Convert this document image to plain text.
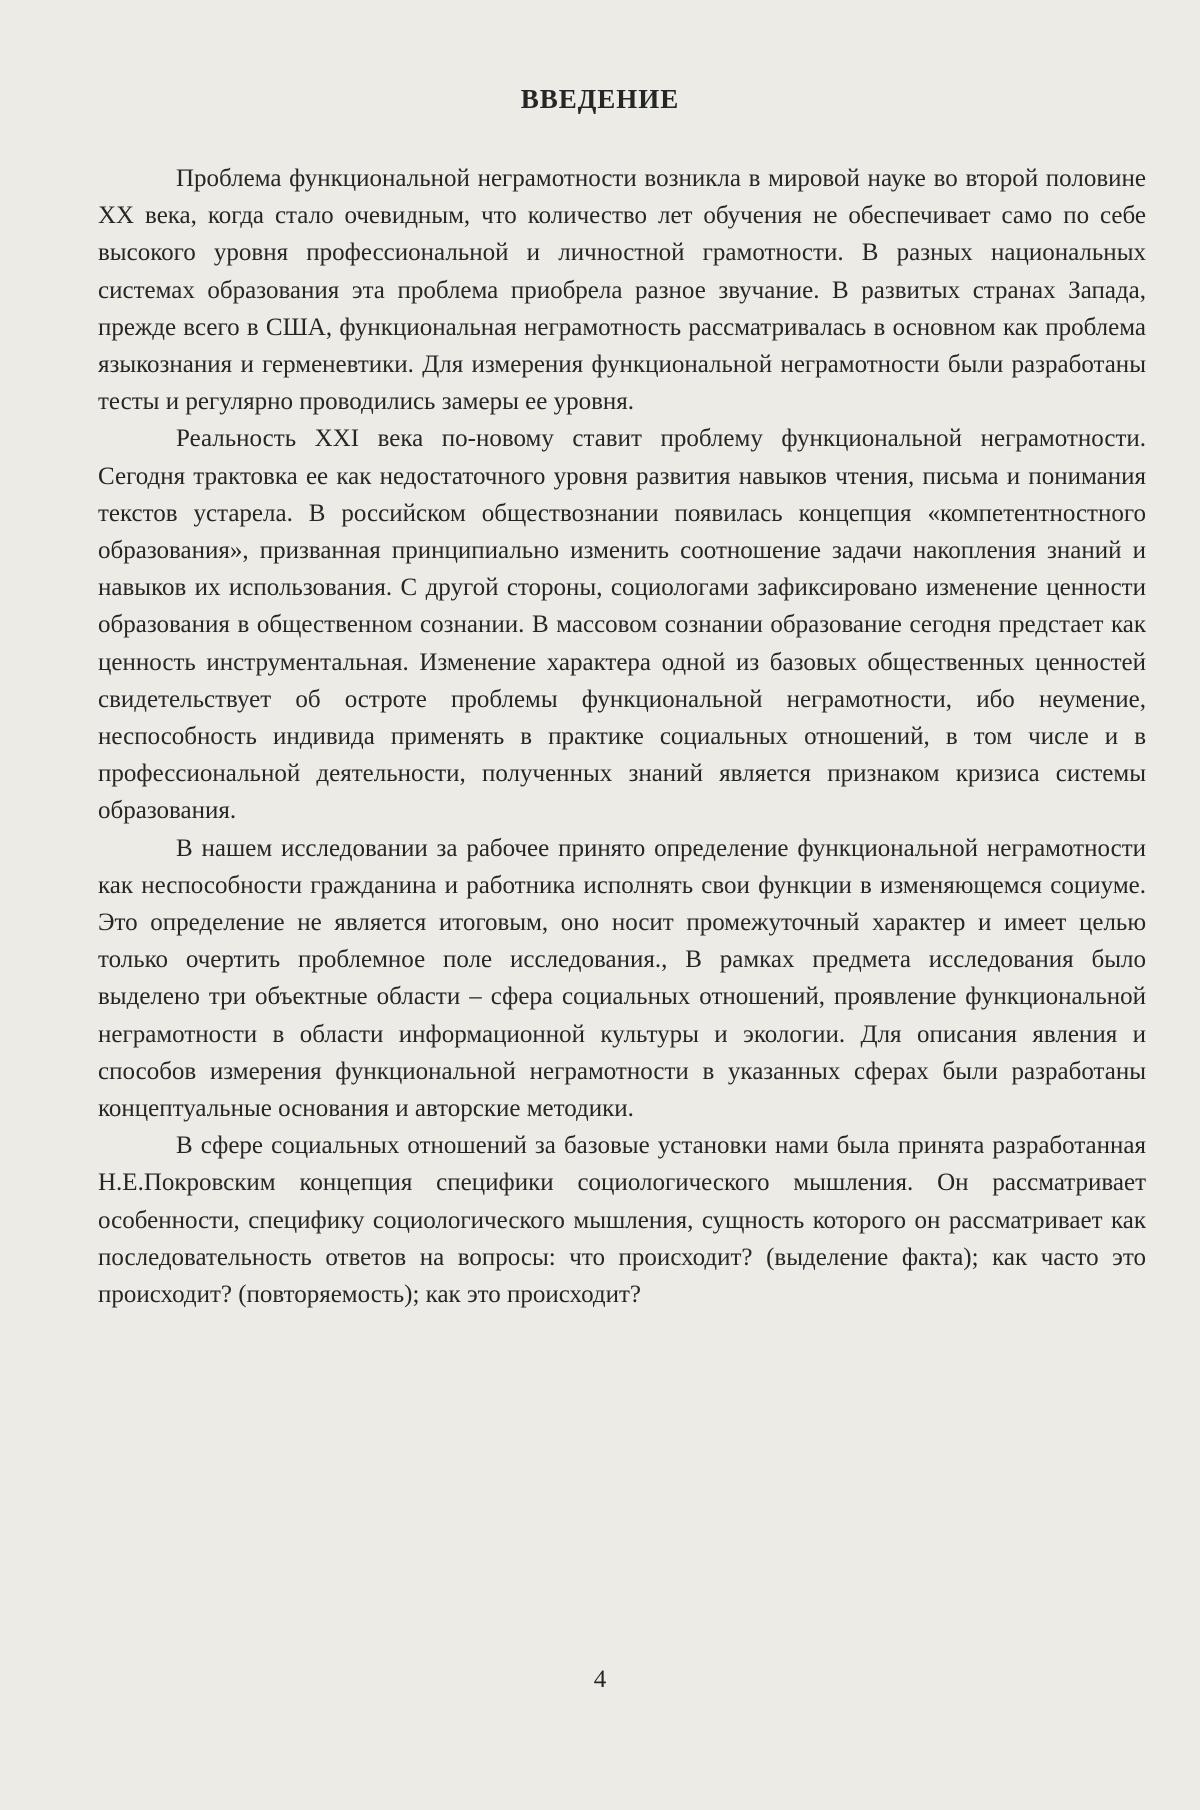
ВВЕДЕНИЕ

Проблема функциональной неграмотности возникла в мировой науке во второй половине XX века, когда стало очевидным, что количество лет обучения не обеспечивает само по себе высокого уровня профессиональной и личностной грамотности. В разных национальных системах образования эта проблема приобрела разное звучание. В развитых странах Запада, прежде всего в США, функциональная неграмотность рассматривалась в основном как проблема языкознания и герменевтики. Для измерения функциональной неграмотности были разработаны тесты и регулярно проводились замеры ее уровня.

Реальность XXI века по-новому ставит проблему функциональной неграмотности. Сегодня трактовка ее как недостаточного уровня развития навыков чтения, письма и понимания текстов устарела. В российском обществознании появилась концепция «компетентностного образования», призванная принципиально изменить соотношение задачи накопления знаний и навыков их использования. С другой стороны, социологами зафиксировано изменение ценности образования в общественном сознании. В массовом сознании образование сегодня предстает как ценность инструментальная. Изменение характера одной из базовых общественных ценностей свидетельствует об остроте проблемы функциональной неграмотности, ибо неумение, неспособность индивида применять в практике социальных отношений, в том числе и в профессиональной деятельности, полученных знаний является признаком кризиса системы образования.

В нашем исследовании за рабочее принято определение функциональной неграмотности как неспособности гражданина и работника исполнять свои функции в изменяющемся социуме. Это определение не является итоговым, оно носит промежуточный характер и имеет целью только очертить проблемное поле исследования., В рамках предмета исследования было выделено три объектные области – сфера социальных отношений, проявление функциональной неграмотности в области информационной культуры и экологии. Для описания явления и способов измерения функциональной неграмотности в указанных сферах были разработаны концептуальные основания и авторские методики.

В сфере социальных отношений за базовые установки нами была принята разработанная Н.Е.Покровским концепция специфики социологического мышления. Он рассматривает особенности, специфику социологического мышления, сущность которого он рассматривает как последовательность ответов на вопросы: что происходит? (выделение факта); как часто это происходит? (повторяемость); как это происходит?

4
